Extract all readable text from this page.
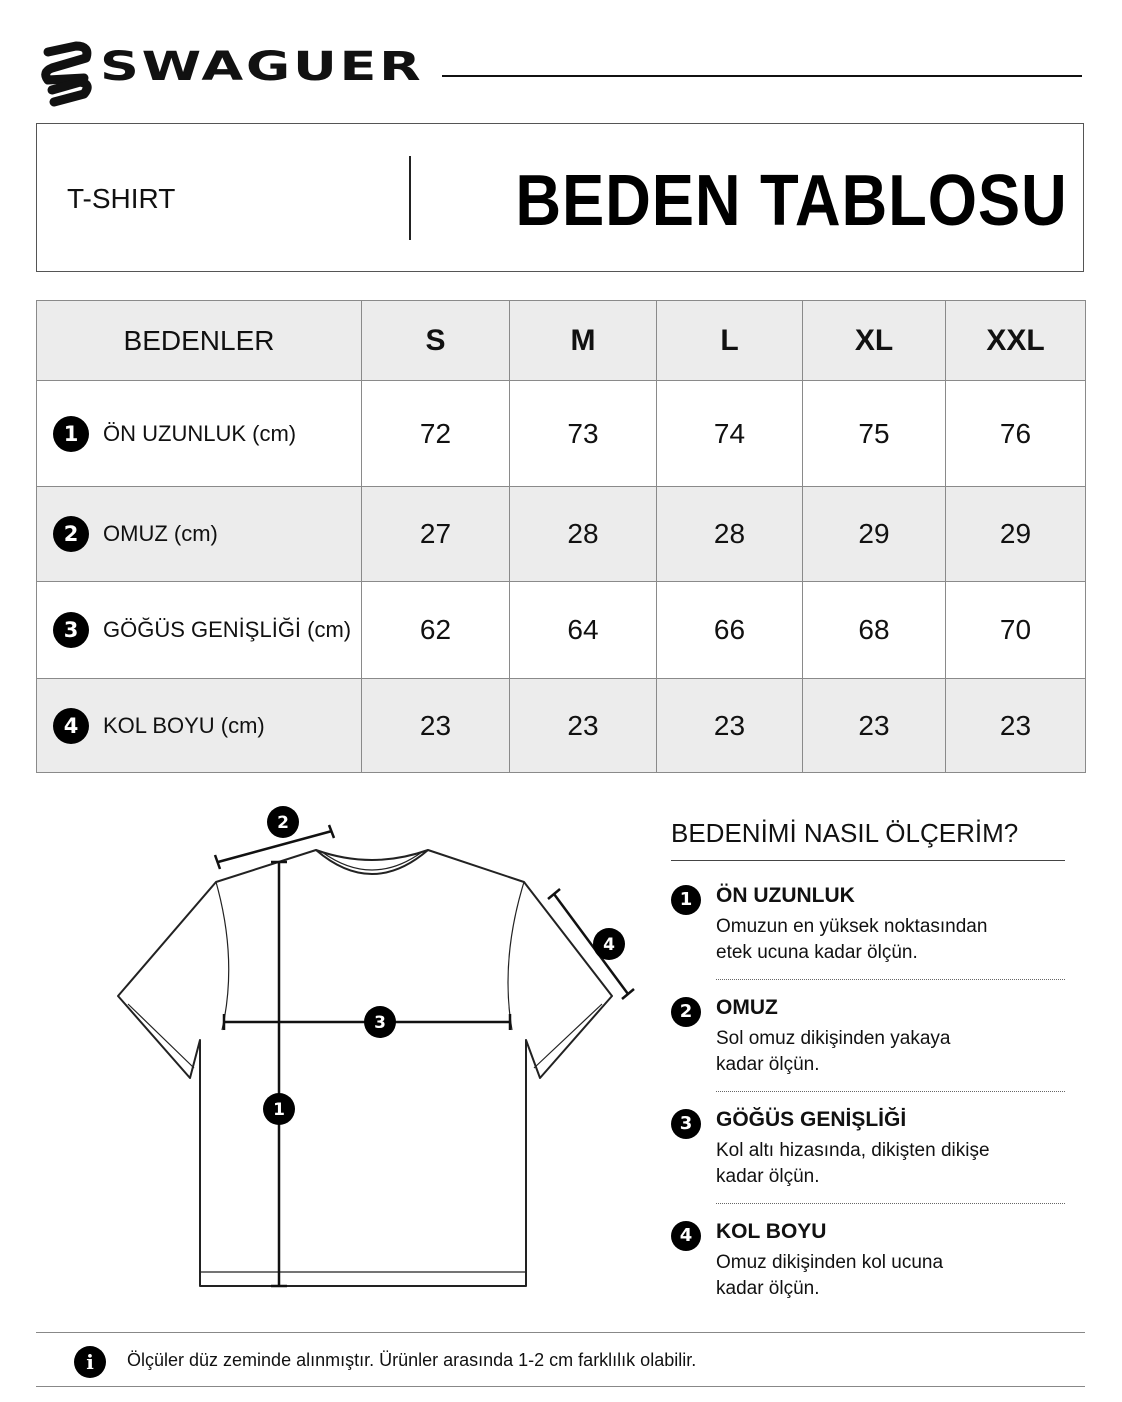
SWAGUER
T-SHIRT	BEDEN TABLOSU
BEDENLER	S	M	L	XL	XXL
1 ÖN UZUNLUK (cm)	72	73	74	75	76
2 OMUZ (cm)	27	28	28	29	29
3 GÖĞÜS GENİŞLİĞİ (cm)	62	64	66	68	70
4 KOL BOYU (cm)	23	23	23	23	23
1
2
3
4
BEDENİMİ NASIL ÖLÇERİM?
1	ÖN UZUNLUK
Omuzun en yüksek noktasından
etek ucuna kadar ölçün.
2	OMUZ
Sol omuz dikişinden yakaya
kadar ölçün.
3	GÖĞÜS GENİŞLİĞİ
Kol altı hizasında, dikişten dikişe
kadar ölçün.
4	KOL BOYU
Omuz dikişinden kol ucuna
kadar ölçün.
i	Ölçüler düz zeminde alınmıştır. Ürünler arasında 1-2 cm farklılık olabilir.
